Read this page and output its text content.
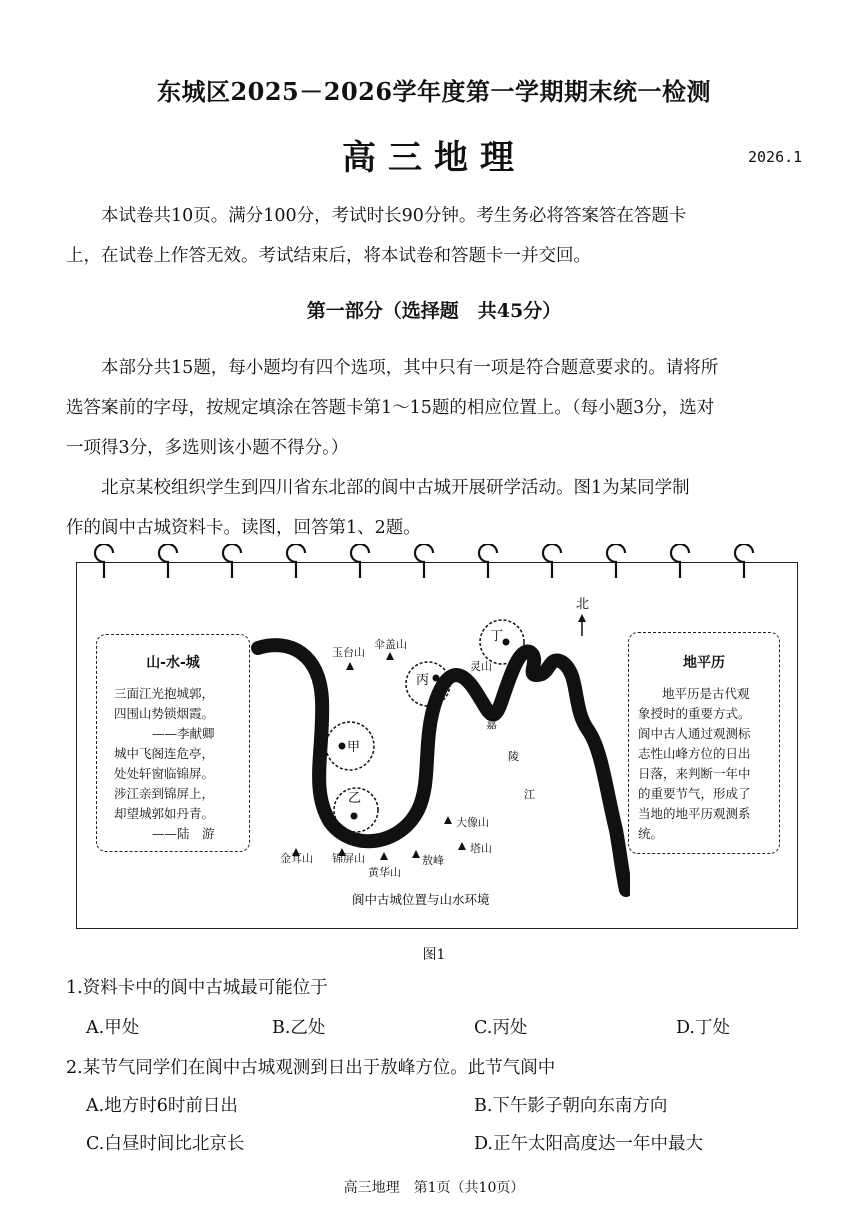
东城区2025－2026学年度第一学期期末统一检测
高三地理	2026.1
本试卷共10页。满分100分，考试时长90分钟。考生务必将答案答在答题卡
上，在试卷上作答无效。考试结束后，将本试卷和答题卡一并交回。
第一部分（选择题　共45分）
本部分共15题，每小题均有四个选项，其中只有一项是符合题意要求的。请将所
选答案前的字母，按规定填涂在答题卡第1～15题的相应位置上。（每小题3分，选对
一项得3分，多选则该小题不得分。）
北京某校组织学生到四川省东北部的阆中古城开展研学活动。图1为某同学制
作的阆中古城资料卡。读图，回答第1、2题。
山-水-城
三面江光抱城郭，
四围山势锁烟霞。
——李献卿
城中飞阁连危亭，
处处轩窗临锦屏。
涉江亲到锦屏上，
却望城郭如丹青。
——陆　游
地平历
地平历是古代观
象授时的重要方式。
阆中古人通过观测标
志性山峰方位的日出
日落，来判断一年中
的重要节气，形成了
当地的地平历观测系
统。
甲
乙
丙
丁
嘉
陵
江
玉台山
伞盖山
灵山
大像山
塔山
敖峰
黄华山
锦屏山
金耳山
北
阆中古城位置与山水环境
图1
1.资料卡中的阆中古城最可能位于
A.甲处	B.乙处	C.丙处	D.丁处
2.某节气同学们在阆中古城观测到日出于敖峰方位。此节气阆中
A.地方时6时前日出	B.下午影子朝向东南方向
C.白昼时间比北京长	D.正午太阳高度达一年中最大
高三地理　第1页（共10页）
